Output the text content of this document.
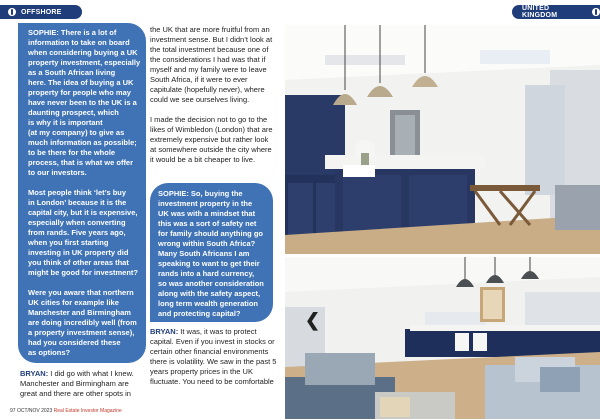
OFFSHORE	UNITED KINGDOM

SOPHIE: There is a lot of
information to take on board
when considering buying a UK
property investment, especially
as a South African living
here. The idea of buying a UK
property for people who may
have never been to the UK is a
daunting prospect, which
is why it is important
(at my company) to give as
much information as possible;
to be there for the whole
process, that is what we offer
to our investors.

Most people think ‘let’s buy
in London’ because it is the
capital city, but it is expensive,
especially when converting
from rands. Five years ago,
when you first starting
investing in UK property did
you think of other areas that
might be good for investment?

Were you aware that northern
UK cities for example like
Manchester and Birmingham
are doing incredibly well (from
a property investment sense),
had you considered these
as options?

the UK that are more fruitful from an investment sense. But I didn’t look at the total investment because one of the considerations I had was that if myself and my family were to leave South Africa, if it were to ever capitulate (hopefully never), where could we see ourselves living.

I made the decision not to go to the likes of Wimbledon (London) that are extremely expensive but rather look at somewhere outside the city where it would be a bit cheaper to live.

SOPHIE: So, buying the
investment property in the
UK was with a mindset that
this was a sort of safety net
for family should anything go
wrong within South Africa?
Many South Africans I am
speaking to want to get their
rands into a hard currency,
so was another consideration
along with the safety aspect,
long term wealth generation
and protecting capital?

BRYAN: It was, it was to protect capital. Even if you invest in stocks or certain other financial environments there is volatility. We saw in the past 5 years property prices in the UK fluctuate. You need to be comfortable
BRYAN: I did go with what I knew. Manchester and Birmingham are great and there are other spots in
❮
97 OCT/NOV 2023 Real Estate Investor Magazine
